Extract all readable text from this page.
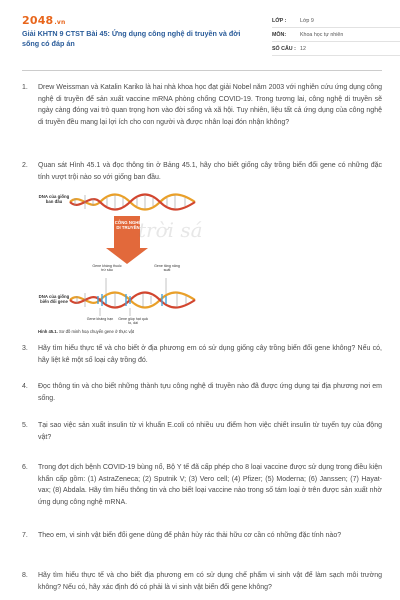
2048.vn
Giải KHTN 9 CTST Bài 45: Ứng dụng công nghệ di truyền và đời sống có đáp án
LỚP :	Lớp 9
MÔN:	Khoa học tự nhiên
SỐ CÂU : 12
1.	Drew Weissman và Katalin Kariko là hai nhà khoa học đạt giải Nobel năm 2003 với nghiên cứu ứng dụng công nghệ di truyền để sản xuất vaccine mRNA phòng chống COVID-19. Trong tương lai, công nghệ di truyền sẽ ngày càng đóng vai trò quan trọng hơn vào đời sống và xã hội. Tuy nhiên, liệu tất cả ứng dụng của công nghệ di truyền đều mang lại lợi ích cho con người và được nhân loại đón nhận không?
2.	Quan sát Hình 45.1 và đọc thông tin ở Bảng 45.1, hãy cho biết giống cây trồng biến đổi gene có những đặc tính vượt trội nào so với giống ban đầu.
DNA của giống ban đầu
CÔNG NGHỆ DI TRUYỀN
Gene kháng thuốc trừ sâu
Gene tăng năng suất
DNA của giống biến đổi gene
Gene kháng hạn Gene giúp hạt quả to, dài
trời sá
Hình 45.1. Sơ đồ minh hoạ chuyển gene ở thực vật
3.	Hãy tìm hiểu thực tế và cho biết ở địa phương em có sử dụng giống cây trồng biến đổi gene không? Nếu có, hãy liệt kê một số loại cây trồng đó.
4.	Đọc thông tin và cho biết những thành tựu công nghệ di truyền nào đã được ứng dụng tại địa phương nơi em sống.
5.	Tại sao việc sản xuất insulin từ vi khuẩn E.coli có nhiều ưu điểm hơn việc chiết insulin từ tuyến tụy của động vật?
6.	Trong đợt dịch bệnh COVID-19 bùng nổ, Bộ Y tế đã cấp phép cho 8 loại vaccine được sử dụng trong điều kiện khẩn cấp gồm: (1) AstraZeneca; (2) Sputnik V; (3) Vero cell; (4) Pfizer; (5) Moderna; (6) Janssen; (7) Hayat-vax; (8) Abdala. Hãy tìm hiểu thông tin và cho biết loại vaccine nào trong số tám loại ở trên được sản xuất nhờ ứng dụng công nghệ mRNA.
7.	Theo em, vi sinh vật biến đổi gene dùng để phân hủy rác thải hữu cơ cần có những đặc tính nào?
8.	Hãy tìm hiểu thực tế và cho biết địa phương em có sử dụng chế phẩm vi sinh vật để làm sạch môi trường không? Nếu có, hãy xác định đó có phải là vi sinh vật biến đổi gene không?
